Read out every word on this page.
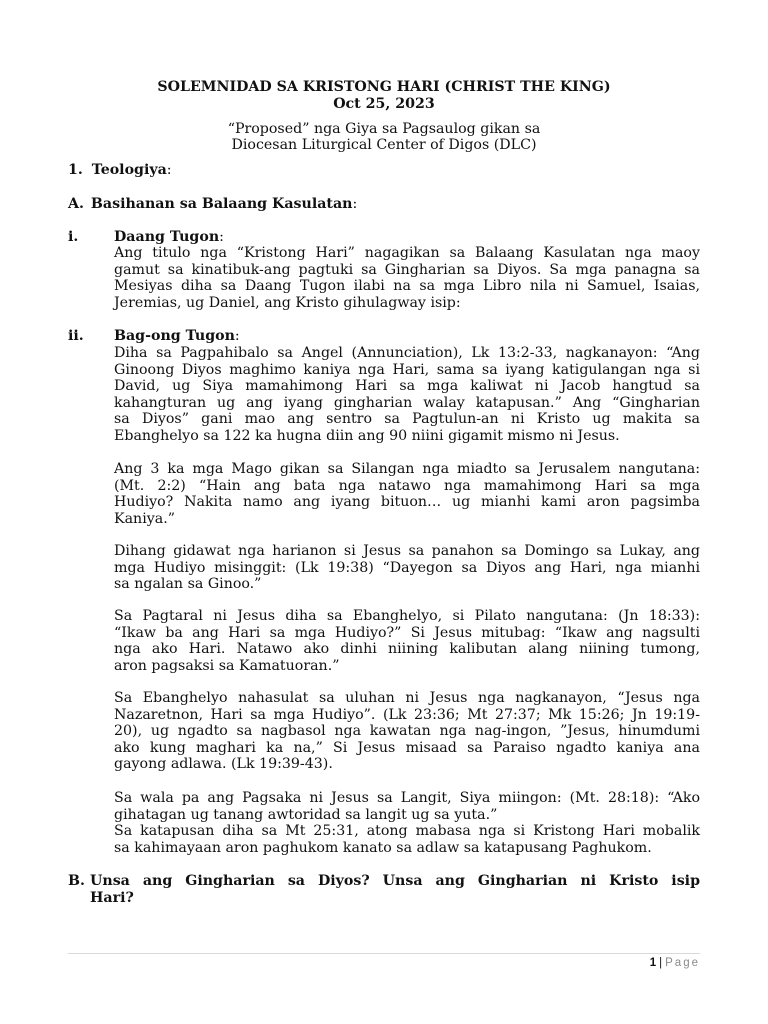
SOLEMNIDAD SA KRISTONG HARI (CHRIST THE KING)
Oct 25, 2023
“Proposed” nga Giya sa Pagsaulog gikan sa
Diocesan Liturgical Center of Digos (DLC)
1. Teologiya:
A. Basihanan sa Balaang Kasulatan:
i.	Daang Tugon:
Ang titulo nga “Kristong Hari” nagagikan sa Balaang Kasulatan nga maoy
gamut sa kinatibuk-ang pagtuki sa Gingharian sa Diyos. Sa mga panagna sa
Mesiyas diha sa Daang Tugon ilabi na sa mga Libro nila ni Samuel, Isaias,
Jeremias, ug Daniel, ang Kristo gihulagway isip:
ii. Bag-ong Tugon:
Diha sa Pagpahibalo sa Angel (Annunciation), Lk 13:2-33, nagkanayon: “Ang
Ginoong Diyos maghimo kaniya nga Hari, sama sa iyang katigulangan nga si
David, ug Siya mamahimong Hari sa mga kaliwat ni Jacob hangtud sa
kahangturan ug ang iyang gingharian walay katapusan.” Ang “Gingharian
sa Diyos” gani mao ang sentro sa Pagtulun-an ni Kristo ug makita sa
Ebanghelyo sa 122 ka hugna diin ang 90 niini gigamit mismo ni Jesus.
Ang 3 ka mga Mago gikan sa Silangan nga miadto sa Jerusalem nangutana:
(Mt. 2:2) “Hain ang bata nga natawo nga mamahimong Hari sa mga
Hudiyo? Nakita namo ang iyang bituon… ug mianhi kami aron pagsimba
Kaniya.”
Dihang gidawat nga harianon si Jesus sa panahon sa Domingo sa Lukay, ang
mga Hudiyo misinggit: (Lk 19:38) “Dayegon sa Diyos ang Hari, nga mianhi
sa ngalan sa Ginoo.”
Sa Pagtaral ni Jesus diha sa Ebanghelyo, si Pilato nangutana: (Jn 18:33):
“Ikaw ba ang Hari sa mga Hudiyo?” Si Jesus mitubag: “Ikaw ang nagsulti
nga ako Hari. Natawo ako dinhi niining kalibutan alang niining tumong,
aron pagsaksi sa Kamatuoran.”
Sa Ebanghelyo nahasulat sa uluhan ni Jesus nga nagkanayon, “Jesus nga
Nazaretnon, Hari sa mga Hudiyo”. (Lk 23:36; Mt 27:37; Mk 15:26; Jn 19:19-
20), ug ngadto sa nagbasol nga kawatan nga nag-ingon, ”Jesus, hinumdumi
ako kung maghari ka na,” Si Jesus misaad sa Paraiso ngadto kaniya ana
gayong adlawa. (Lk 19:39-43).
Sa wala pa ang Pagsaka ni Jesus sa Langit, Siya miingon: (Mt. 28:18): “Ako
gihatagan ug tanang awtoridad sa langit ug sa yuta.”
Sa katapusan diha sa Mt 25:31, atong mabasa nga si Kristong Hari mobalik
sa kahimayaan aron paghukom kanato sa adlaw sa katapusang Paghukom.
B. Unsa ang Gingharian sa Diyos? Unsa ang Gingharian ni Kristo isip
Hari?
1 | Page
